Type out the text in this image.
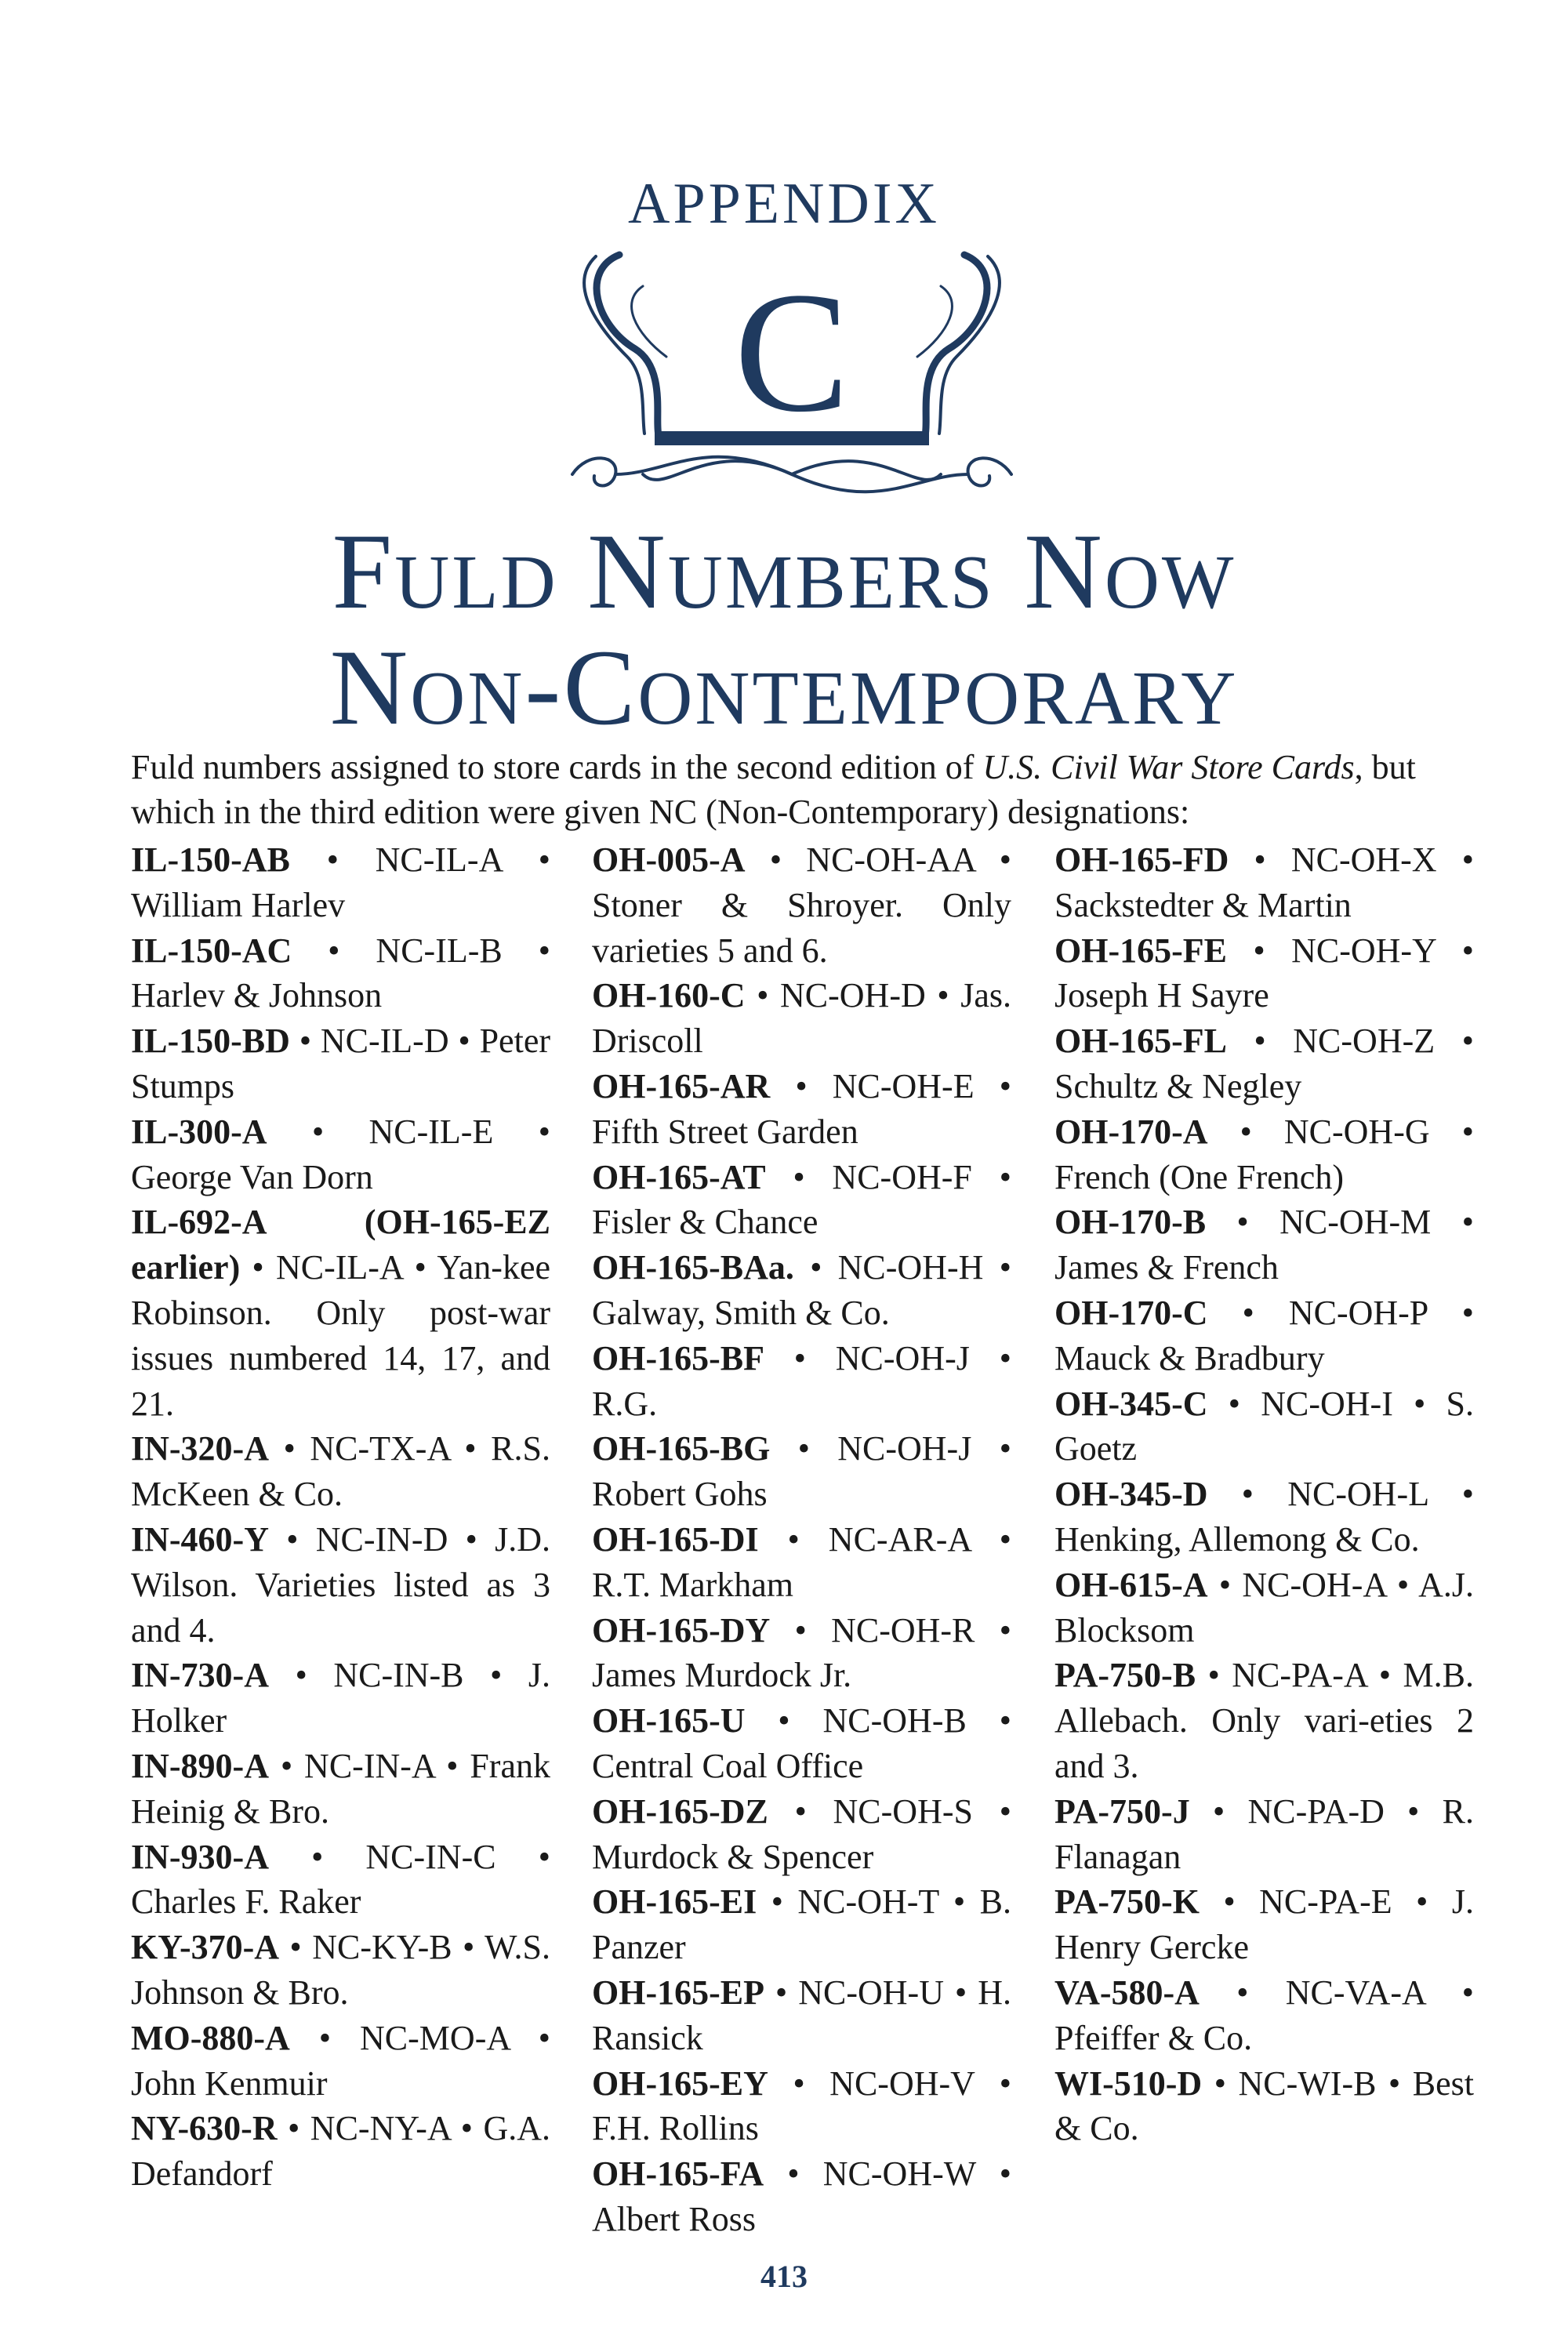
APPENDIX
C
Fuld Numbers Now
Non-Contemporary
Fuld numbers assigned to store cards in the second edition of U.S. Civil War Store Cards, but which in the third edition were given NC (Non-Contemporary) designations:

IL-150-AB • NC-IL-A • William Harlev

IL-150-AC • NC-IL-B • Harlev & Johnson

IL-150-BD • NC-IL-D • Peter Stumps

IL-300-A • NC-IL-E • George Van Dorn

IL-692-A (OH-165-EZ earlier) • NC-IL-A • Yan-kee Robinson. Only post-war issues numbered 14, 17, and 21.

IN-320-A • NC-TX-A • R.S. McKeen & Co.

IN-460-Y • NC-IN-D • J.D. Wilson. Varieties listed as 3 and 4.

IN-730-A • NC-IN-B • J. Holker

IN-890-A • NC-IN-A • Frank Heinig & Bro.

IN-930-A • NC-IN-C • Charles F. Raker

KY-370-A • NC-KY-B • W.S. Johnson & Bro.

MO-880-A • NC-MO-A • John Kenmuir

NY-630-R • NC-NY-A • G.A. Defandorf

OH-005-A • NC-OH-AA • Stoner & Shroyer. Only varieties 5 and 6.

OH-160-C • NC-OH-D • Jas. Driscoll

OH-165-AR • NC-OH-E • Fifth Street Garden

OH-165-AT • NC-OH-F • Fisler & Chance

OH-165-BAa. • NC-OH-H • Galway, Smith & Co.

OH-165-BF • NC-OH-J • R.G.

OH-165-BG • NC-OH-J • Robert Gohs

OH-165-DI • NC-AR-A • R.T. Markham

OH-165-DY • NC-OH-R • James Murdock Jr.

OH-165-U • NC-OH-B • Central Coal Office

OH-165-DZ • NC-OH-S • Murdock & Spencer

OH-165-EI • NC-OH-T • B. Panzer

OH-165-EP • NC-OH-U • H. Ransick

OH-165-EY • NC-OH-V • F.H. Rollins

OH-165-FA • NC-OH-W • Albert Ross

OH-165-FD • NC-OH-X • Sackstedter & Martin

OH-165-FE • NC-OH-Y • Joseph H Sayre

OH-165-FL • NC-OH-Z • Schultz & Negley

OH-170-A • NC-OH-G • French (One French)

OH-170-B • NC-OH-M • James & French

OH-170-C • NC-OH-P • Mauck & Bradbury

OH-345-C • NC-OH-I • S. Goetz

OH-345-D • NC-OH-L • Henking, Allemong & Co.

OH-615-A • NC-OH-A • A.J. Blocksom

PA-750-B • NC-PA-A • M.B. Allebach. Only vari-eties 2 and 3.

PA-750-J • NC-PA-D • R. Flanagan

PA-750-K • NC-PA-E • J. Henry Gercke

VA-580-A • NC-VA-A • Pfeiffer & Co.

WI-510-D • NC-WI-B • Best & Co.

413
